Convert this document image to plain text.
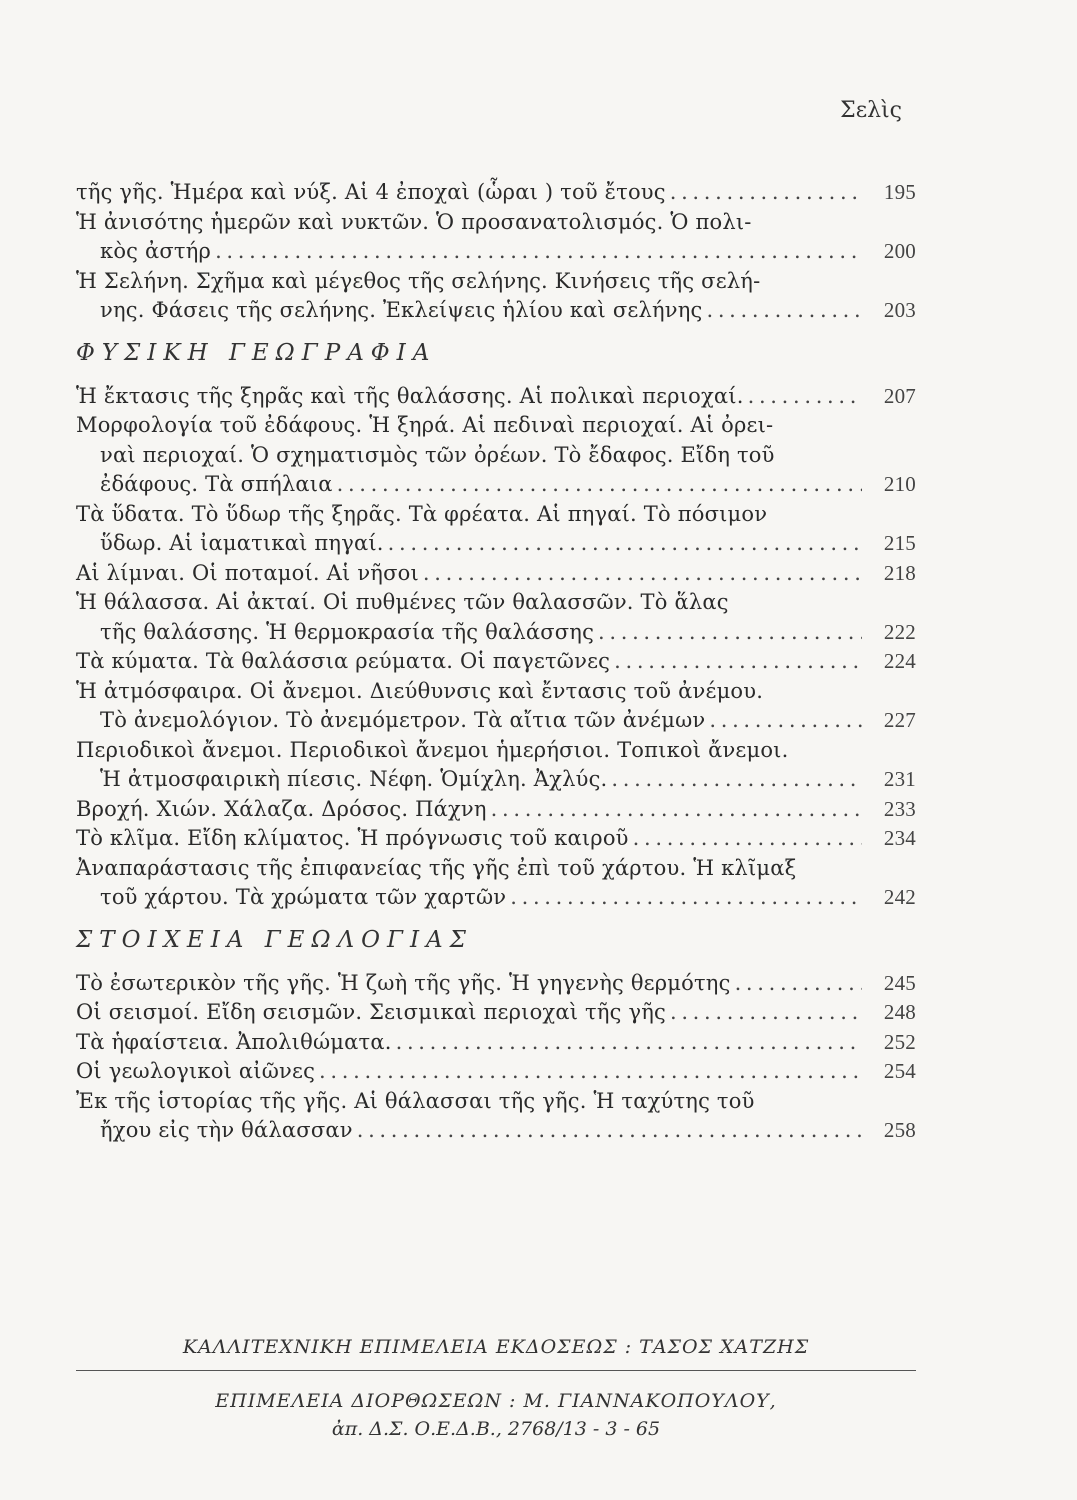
Σελὶς
τῆς γῆς. Ἡμέρα καὶ νύξ. Αἱ 4 ἐποχαὶ (ὧραι ) τοῦ ἔτους . . .	195
Ἡ ἀνισότης ἡμερῶν καὶ νυκτῶν. Ὁ προσανατολισμός. Ὁ πολι-
κὸς ἀστήρ . . .	200
Ἡ Σελήνη. Σχῆμα καὶ μέγεθος τῆς σελήνης. Κινήσεις τῆς σελή-
νης. Φάσεις τῆς σελήνης. Ἐκλείψεις ἡλίου καὶ σελήνης . . .	203
ΦΥΣΙΚΗ ΓΕΩΓΡΑΦΙΑ
Ἡ ἔκτασις τῆς ξηρᾶς καὶ τῆς θαλάσσης. Αἱ πολικαὶ περιοχαί. . . .	207
Μορφολογία τοῦ ἐδάφους. Ἡ ξηρά. Αἱ πεδιναὶ περιοχαί. Αἱ ὀρει-
ναὶ περιοχαί. Ὁ σχηματισμὸς τῶν ὀρέων. Τὸ ἔδαφος. Εἴδη τοῦ
ἐδάφους. Τὰ σπήλαια . . .	210
Τὰ ὕδατα. Τὸ ὕδωρ τῆς ξηρᾶς. Τὰ φρέατα. Αἱ πηγαί. Τὸ πόσιμον
ὕδωρ. Αἱ ἰαματικαὶ πηγαί. . . .	215
Αἱ λίμναι. Οἱ ποταμοί. Αἱ νῆσοι . . .	218
Ἡ θάλασσα. Αἱ ἀκταί. Οἱ πυθμένες τῶν θαλασσῶν. Τὸ ἅλας
τῆς θαλάσσης. Ἡ θερμοκρασία τῆς θαλάσσης . . .	222
Τὰ κύματα. Τὰ θαλάσσια ρεύματα. Οἱ παγετῶνες . . .	224
Ἡ ἀτμόσφαιρα. Οἱ ἄνεμοι. Διεύθυνσις καὶ ἔντασις τοῦ ἀνέμου.
Τὸ ἀνεμολόγιον. Τὸ ἀνεμόμετρον. Τὰ αἴτια τῶν ἀνέμων . . .	227
Περιοδικοὶ ἄνεμοι. Περιοδικοὶ ἄνεμοι ἡμερήσιοι. Τοπικοὶ ἄνεμοι.
Ἡ ἀτμοσφαιρικὴ πίεσις. Νέφη. Ὁμίχλη. Ἀχλύς. . . .	231
Βροχή. Χιών. Χάλαζα. Δρόσος. Πάχνη . . .	233
Τὸ κλῖμα. Εἴδη κλίματος. Ἡ πρόγνωσις τοῦ καιροῦ . . .	234
Ἀναπαράστασις τῆς ἐπιφανείας τῆς γῆς ἐπὶ τοῦ χάρτου. Ἡ κλῖμαξ
τοῦ χάρτου. Τὰ χρώματα τῶν χαρτῶν . . .	242
ΣΤΟΙΧΕΙΑ ΓΕΩΛΟΓΙΑΣ
Τὸ ἐσωτερικὸν τῆς γῆς. Ἡ ζωὴ τῆς γῆς. Ἡ γηγενὴς θερμότης . . .	245
Οἱ σεισμοί. Εἴδη σεισμῶν. Σεισμικαὶ περιοχαὶ τῆς γῆς . . .	248
Τὰ ἡφαίστεια. Ἀπολιθώματα. . . .	252
Οἱ γεωλογικοὶ αἰῶνες . . .	254
Ἐκ τῆς ἱστορίας τῆς γῆς. Αἱ θάλασσαι τῆς γῆς. Ἡ ταχύτης τοῦ
ἤχου εἰς τὴν θάλασσαν . . .	258
ΚΑΛΛΙΤΕΧΝΙΚΗ ΕΠΙΜΕΛΕΙΑ ΕΚΔΟΣΕΩΣ : ΤΑΣΟΣ ΧΑΤΖΗΣ
ΕΠΙΜΕΛΕΙΑ ΔΙΟΡΘΩΣΕΩΝ : Μ. ΓΙΑΝΝΑΚΟΠΟΥΛΟΥ,
ἀπ. Δ.Σ. Ο.Ε.Δ.Β., 2768/13 - 3 - 65
